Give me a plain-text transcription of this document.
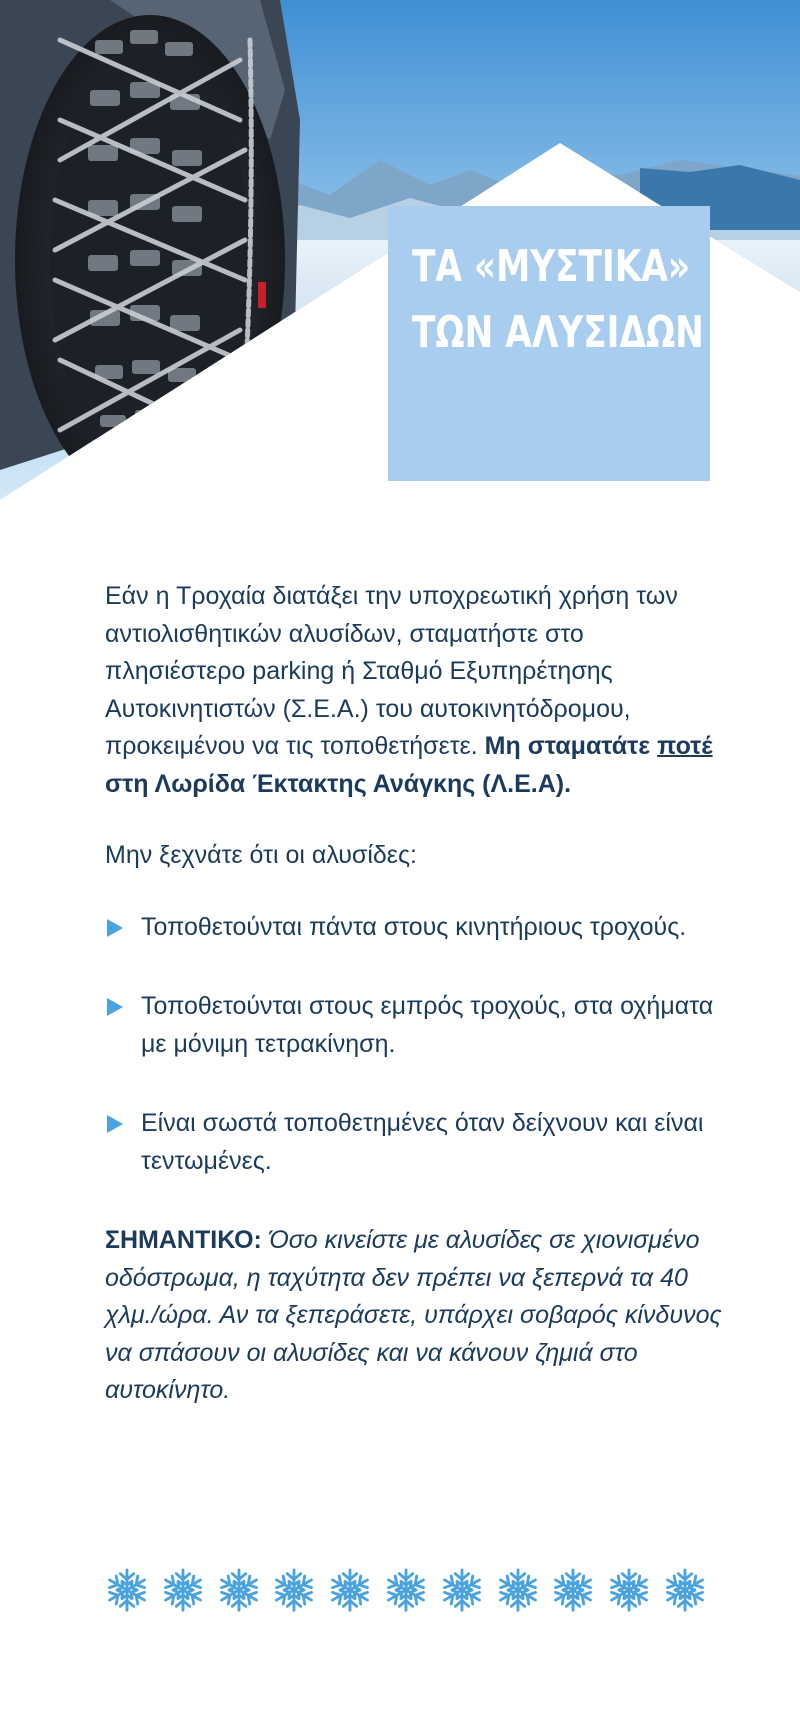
ΤΑ «ΜΥΣΤΙΚΑ»
ΤΩΝ ΑΛΥΣΙΔΩΝ

Εάν η Τροχαία διατάξει την υποχρεωτική χρήση των αντιολισθητικών αλυσίδων, σταματήστε στο πλησιέστερο parking ή Σταθμό Εξυπηρέτησης Αυτοκινητιστών (Σ.Ε.Α.) του αυτοκινητόδρομου, προκειμένου να τις τοποθετήσετε. Μη σταματάτε ποτέ στη Λωρίδα Έκτακτης Ανάγκης (Λ.Ε.Α).

Μην ξεχνάτε ότι οι αλυσίδες:

Τοποθετούνται πάντα στους κινητήριους τροχούς.
Τοποθετούνται στους εμπρός τροχούς, στα οχήματα με μόνιμη τετρακίνηση.
Είναι σωστά τοποθετημένες όταν δείχνουν και είναι τεντωμένες.

ΣΗΜΑΝΤΙΚΟ: Όσο κινείστε με αλυσίδες σε χιονισμένο οδόστρωμα, η ταχύτητα δεν πρέπει να ξεπερνά τα 40 χλμ./ώρα. Αν τα ξεπεράσετε, υπάρχει σοβαρός κίνδυνος να σπάσουν οι αλυσίδες και να κάνουν ζημιά στο αυτοκίνητο.
